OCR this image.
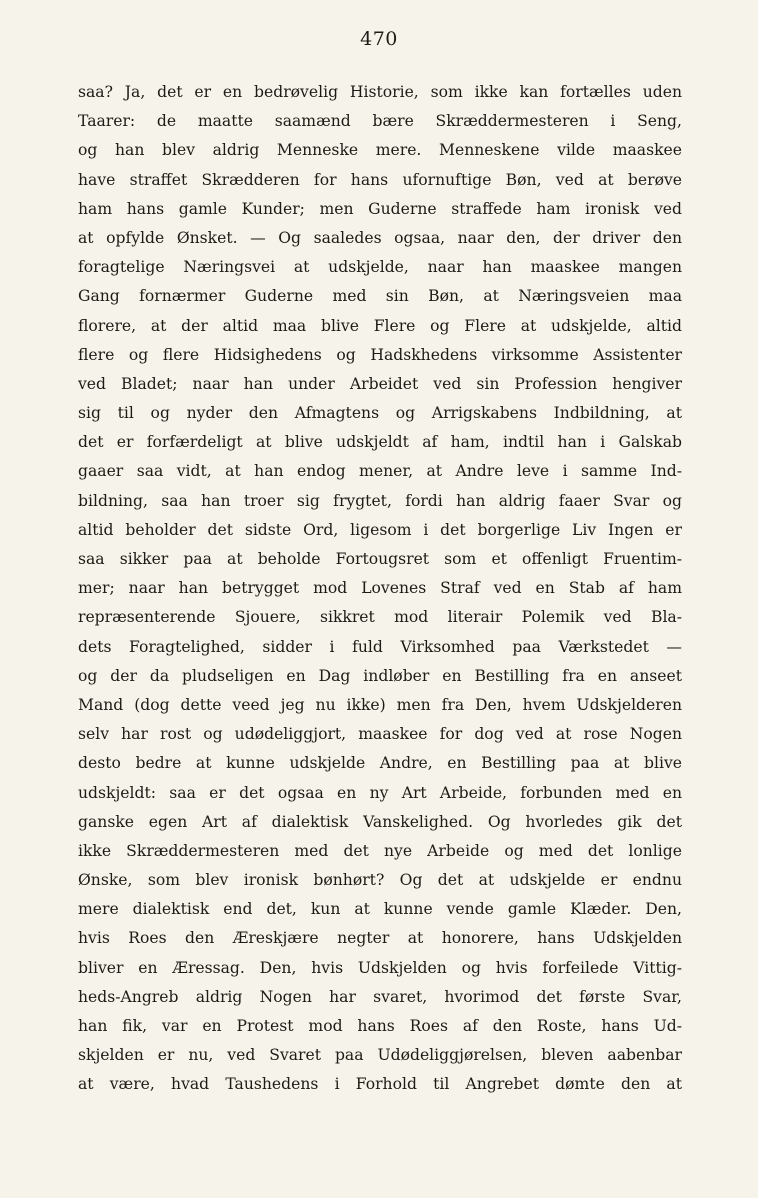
470
saa? Ja, det er en bedrøvelig Historie, som ikke kan fortælles uden
Taarer: de maatte saamænd bære Skræddermesteren i Seng,
og han blev aldrig Menneske mere. Menneskene vilde maaskee
have straffet Skrædderen for hans ufornuftige Bøn, ved at berøve
ham hans gamle Kunder; men Guderne straffede ham ironisk ved
at opfylde Ønsket. — Og saaledes ogsaa, naar den, der driver den
foragtelige Næringsvei at udskjelde, naar han maaskee mangen
Gang fornærmer Guderne med sin Bøn, at Næringsveien maa
florere, at der altid maa blive Flere og Flere at udskjelde, altid
flere og flere Hidsighedens og Hadskhedens virksomme Assistenter
ved Bladet; naar han under Arbeidet ved sin Profession hengiver
sig til og nyder den Afmagtens og Arrigskabens Indbildning, at
det er forfærdeligt at blive udskjeldt af ham, indtil han i Galskab
gaaer saa vidt, at han endog mener, at Andre leve i samme Ind-
bildning, saa han troer sig frygtet, fordi han aldrig faaer Svar og
altid beholder det sidste Ord, ligesom i det borgerlige Liv Ingen er
saa sikker paa at beholde Fortougsret som et offenligt Fruentim-
mer; naar han betrygget mod Lovenes Straf ved en Stab af ham
repræsenterende Sjouere, sikkret mod literair Polemik ved Bla-
dets Foragtelighed, sidder i fuld Virksomhed paa Værkstedet —
og der da pludseligen en Dag indløber en Bestilling fra en anseet
Mand (dog dette veed jeg nu ikke) men fra Den, hvem Udskjelderen
selv har rost og udødeliggjort, maaskee for dog ved at rose Nogen
desto bedre at kunne udskjelde Andre, en Bestilling paa at blive
udskjeldt: saa er det ogsaa en ny Art Arbeide, forbunden med en
ganske egen Art af dialektisk Vanskelighed. Og hvorledes gik det
ikke Skræddermesteren med det nye Arbeide og med det lonlige
Ønske, som blev ironisk bønhørt? Og det at udskjelde er endnu
mere dialektisk end det, kun at kunne vende gamle Klæder. Den,
hvis Roes den Æreskjære negter at honorere, hans Udskjelden
bliver en Æressag. Den, hvis Udskjelden og hvis forfeilede Vittig-
heds-Angreb aldrig Nogen har svaret, hvorimod det første Svar,
han fik, var en Protest mod hans Roes af den Roste, hans Ud-
skjelden er nu, ved Svaret paa Udødeliggjørelsen, bleven aabenbar
at være, hvad Taushedens i Forhold til Angrebet dømte den at
